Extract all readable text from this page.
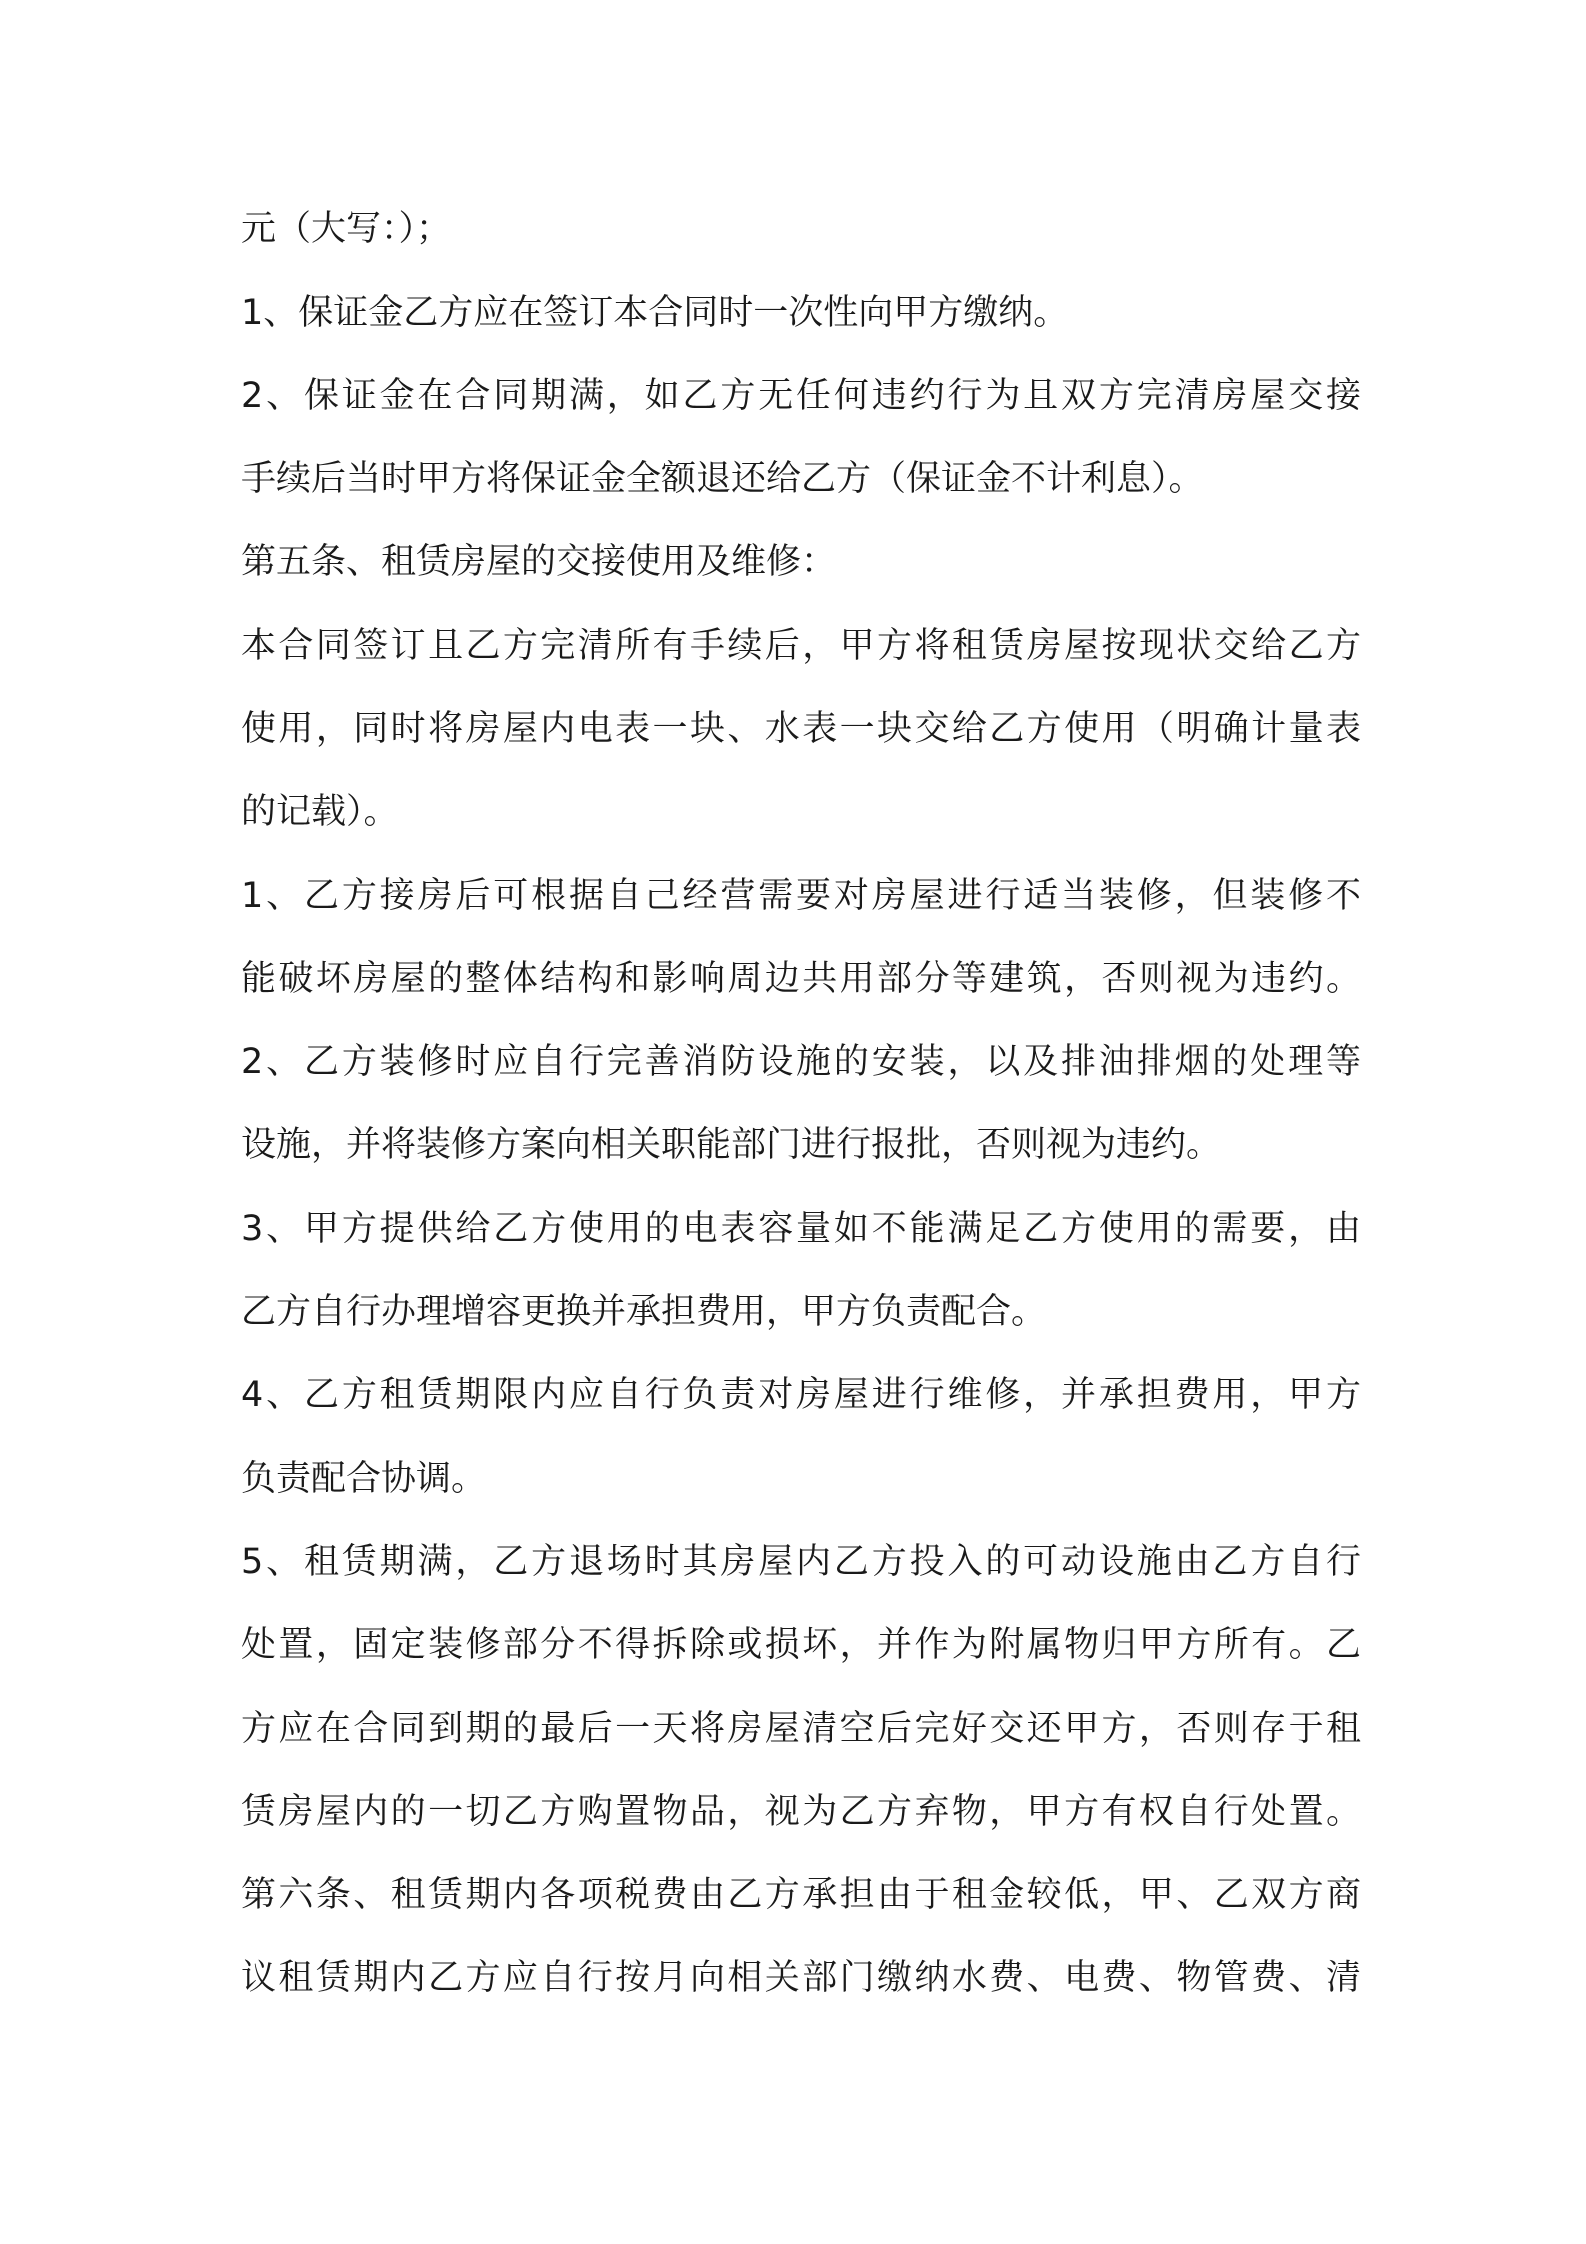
元（大写：）；
1、保证金乙方应在签订本合同时一次性向甲方缴纳。
2、保证金在合同期满，如乙方无任何违约行为且双方完清房屋交接
手续后当时甲方将保证金全额退还给乙方（保证金不计利息）。
第五条、租赁房屋的交接使用及维修：
本合同签订且乙方完清所有手续后，甲方将租赁房屋按现状交给乙方
使用，同时将房屋内电表一块、水表一块交给乙方使用（明确计量表
的记载）。
1、乙方接房后可根据自己经营需要对房屋进行适当装修，但装修不
能破坏房屋的整体结构和影响周边共用部分等建筑，否则视为违约。
2、乙方装修时应自行完善消防设施的安装，以及排油排烟的处理等
设施，并将装修方案向相关职能部门进行报批，否则视为违约。
3、甲方提供给乙方使用的电表容量如不能满足乙方使用的需要，由
乙方自行办理增容更换并承担费用，甲方负责配合。
4、乙方租赁期限内应自行负责对房屋进行维修，并承担费用，甲方
负责配合协调。
5、租赁期满，乙方退场时其房屋内乙方投入的可动设施由乙方自行
处置，固定装修部分不得拆除或损坏，并作为附属物归甲方所有。乙
方应在合同到期的最后一天将房屋清空后完好交还甲方，否则存于租
赁房屋内的一切乙方购置物品，视为乙方弃物，甲方有权自行处置。
第六条、租赁期内各项税费由乙方承担由于租金较低，甲、乙双方商
议租赁期内乙方应自行按月向相关部门缴纳水费、电费、物管费、清
